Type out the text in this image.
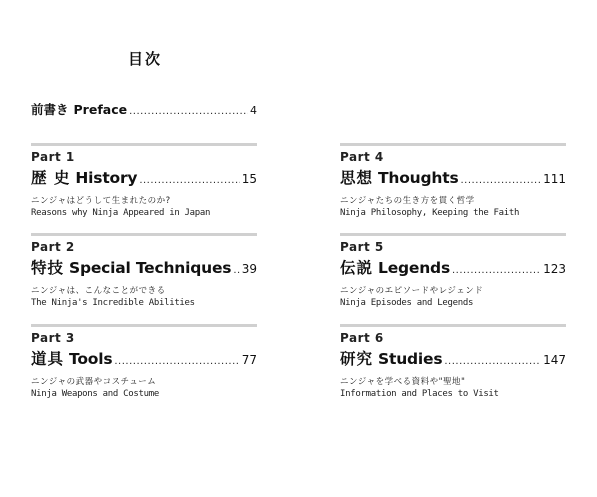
目次
前書き Preface .....	4
Part 1
歴 史 History .....	15
ニンジャはどうして生まれたのか?
Reasons why Ninja Appeared in Japan
Part 2
特技 Special Techniques ..... 39
ニンジャは、こんなことができる
The Ninja's Incredible Abilities
Part 3
道具 Tools .....	77
ニンジャの武器やコスチューム
Ninja Weapons and Costume
Part 4
思想 Thoughts .....	111
ニンジャたちの生き方を貫く哲学
Ninja Philosophy, Keeping the Faith
Part 5
伝説 Legends .....	123
ニンジャのエピソードやレジェンド
Ninja Episodes and Legends
Part 6
研究 Studies .....	147
ニンジャを学べる資料や"聖地"
Information and Places to Visit
